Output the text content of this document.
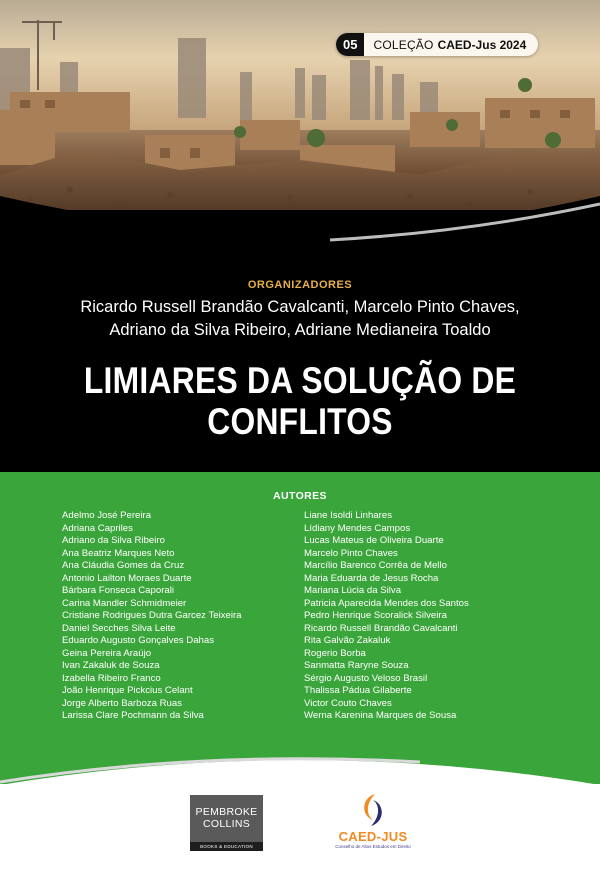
05	COLEÇÃO CAED-Jus 2024
ORGANIZADORES
Ricardo Russell Brandão Cavalcanti, Marcelo Pinto Chaves,
Adriano da Silva Ribeiro, Adriane Medianeira Toaldo
LIMIARES DA SOLUÇÃO DE
CONFLITOS
AUTORES
Adelmo José Pereira
Adriana Capriles
Adriano da Silva Ribeiro
Ana Beatriz Marques Neto
Ana Cláudia Gomes da Cruz
Antonio Lailton Moraes Duarte
Bárbara Fonseca Caporali
Carina Mandler Schmidmeier
Cristiane Rodrigues Dutra Garcez Teixeira
Daniel Secches Silva Leite
Eduardo Augusto Gonçalves Dahas
Geina Pereira Araújo
Ivan Zakaluk de Souza
Izabella Ribeiro Franco
João Henrique Pickcius Celant
Jorge Alberto Barboza Ruas
Larissa Clare Pochmann da Silva
Liane Isoldi Linhares
Lídiany Mendes Campos
Lucas Mateus de Oliveira Duarte
Marcelo Pinto Chaves
Marcílio Barenco Corrêa de Mello
Maria Eduarda de Jesus Rocha
Mariana Lúcia da Silva
Patricia Aparecida Mendes dos Santos
Pedro Henrique Scoralick Silveira
Ricardo Russell Brandão Cavalcanti
Rita Galvão Zakaluk
Rogerio Borba
Sanmatta Raryne Souza
Sérgio Augusto Veloso Brasil
Thalissa Pádua Gilaberte
Victor Couto Chaves
Werna Karenina Marques de Sousa
PEMBROKE
COLLINS
BOOKS & EDUCATION
CAED-JUS
Conselho de Altos Estudos em Direito
